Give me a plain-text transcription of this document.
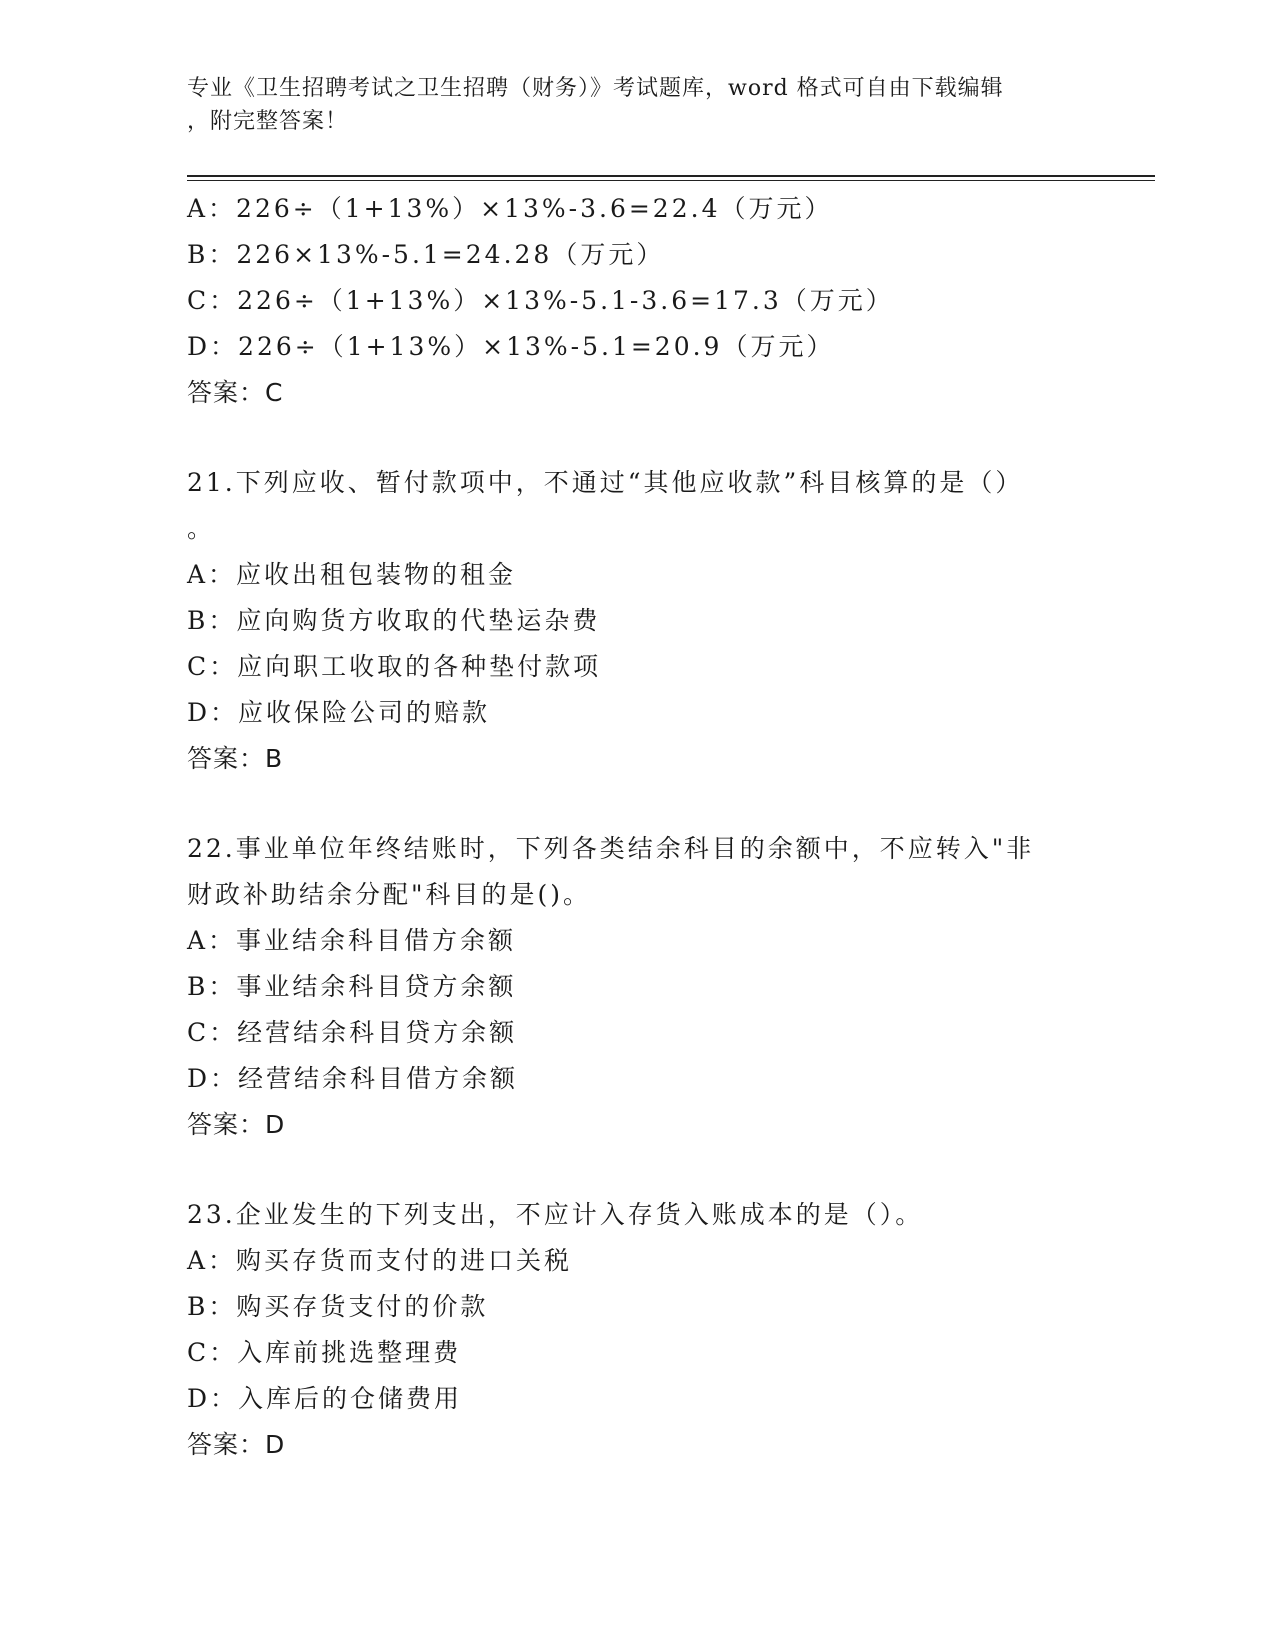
专业《卫生招聘考试之卫生招聘（财务）》考试题库，word 格式可自由下载编辑
，附完整答案！
A：226÷（1+13%）×13%-3.6=22.4（万元）
B：226×13%-5.1=24.28（万元）
C：226÷（1+13%）×13%-5.1-3.6=17.3（万元）
D：226÷（1+13%）×13%-5.1=20.9（万元）
答案：C
21.下列应收、暂付款项中，不通过“其他应收款”科目核算的是（）
。
A：应收出租包装物的租金
B：应向购货方收取的代垫运杂费
C：应向职工收取的各种垫付款项
D：应收保险公司的赔款
答案：B
22.事业单位年终结账时，下列各类结余科目的余额中，不应转入"非
财政补助结余分配"科目的是()。
A：事业结余科目借方余额
B：事业结余科目贷方余额
C：经营结余科目贷方余额
D：经营结余科目借方余额
答案：D
23.企业发生的下列支出，不应计入存货入账成本的是（）。
A：购买存货而支付的进口关税
B：购买存货支付的价款
C：入库前挑选整理费
D：入库后的仓储费用
答案：D
